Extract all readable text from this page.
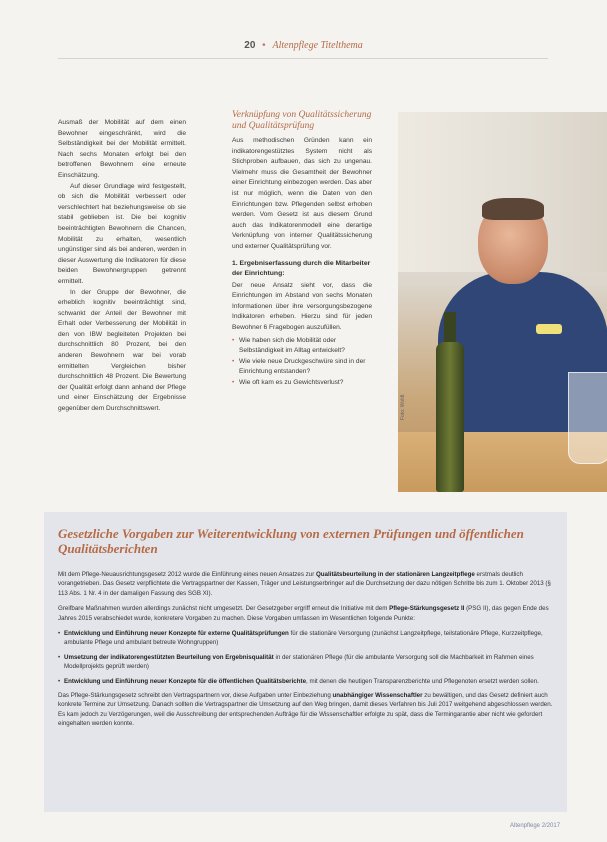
20 • Altenpflege Titelthema

Ausmaß der Mobilität auf dem einen Bewohner eingeschränkt, wird die Selbständigkeit bei der Mobilität ermittelt. Nach sechs Monaten erfolgt bei den betroffenen Bewohnern eine erneute Einschätzung.

Auf dieser Grundlage wird festgestellt, ob sich die Mobilität verbessert oder verschlechtert hat beziehungsweise ob sie stabil geblieben ist. Die bei kognitiv beeinträchtigten Bewohnern die Chancen, Mobilität zu erhalten, wesentlich ungünstiger sind als bei anderen, werden in dieser Auswertung die Indikatoren für diese beiden Bewohnergruppen getrennt ermittelt.

In der Gruppe der Bewohner, die erheblich kognitiv beeinträchtigt sind, schwankt der Anteil der Bewohner mit Erhalt oder Verbesserung der Mobilität in den von IBW begleiteten Projekten bei durchschnittlich 80 Prozent, bei den anderen Bewohnern war bei vorab ermittelten Vergleichen bisher durchschnittlich 48 Prozent. Die Bewertung der Qualität erfolgt dann anhand der Pflege und einer Einschätzung der Ergebnisse gegenüber dem Durchschnittswert.

Verknüpfung von Qualitätssicherung und Qualitätsprüfung

Aus methodischen Gründen kann ein indikatorengestütztes System nicht als Stichproben aufbauen, das sich zu ungenau. Vielmehr muss die Gesamtheit der Bewohner einer Einrichtung einbezogen werden. Das aber ist nur möglich, wenn die Daten von den Einrichtungen bzw. Pflegenden selbst erhoben werden. Vom Gesetz ist aus diesem Grund auch das Indikatorenmodell eine derartige Verknüpfung von interner Qualitätssicherung und externer Qualitätsprüfung vor.

1. Ergebniserfassung durch die Mitarbeiter der Einrichtung:

Der neue Ansatz sieht vor, dass die Einrichtungen im Abstand von sechs Monaten Informationen über ihre versorgungsbezogene Indikatoren erheben. Hierzu sind für jeden Bewohner 6 Fragebogen auszufüllen.

• Wie haben sich die Mobilität oder Selbständigkeit im Alltag entwickelt?
• Wie viele neue Druckgeschwüre sind in der Einrichtung entstanden?
• Wie oft kam es zu Gewichtsverlust?
Foto: Woldt
Gesetzliche Vorgaben zur Weiterentwicklung von externen Prüfungen und öffentlichen Qualitätsberichten

Mit dem Pflege-Neuausrichtungsgesetz 2012 wurde die Einführung eines neuen Ansatzes zur Qualitätsbeurteilung in der stationären Langzeitpflege erstmals deutlich vorangetrieben. Das Gesetz verpflichtete die Vertragspartner der Kassen, Träger und Leistungserbringer auf die Durchsetzung der dazu nötigen Schritte bis zum 1. Oktober 2013 (§ 113 Abs. 1 Nr. 4 in der damaligen Fassung des SGB XI).

Greifbare Maßnahmen wurden allerdings zunächst nicht umgesetzt. Der Gesetzgeber ergriff erneut die Initiative mit dem Pflege-Stärkungsgesetz II (PSG II), das gegen Ende des Jahres 2015 verabschiedet wurde, konkretere Vorgaben zu machen. Diese Vorgaben umfassen im Wesentlichen folgende Punkte:

• Entwicklung und Einführung neuer Konzepte für externe Qualitätsprüfungen für die stationäre Versorgung (zunächst Langzeitpflege, teilstationäre Pflege, Kurzzeitpflege, ambulante Pflege und ambulant betreute Wohngruppen)
• Umsetzung der indikatorengestützten Beurteilung von Ergebnisqualität in der stationären Pflege (für die ambulante Versorgung soll die Machbarkeit im Rahmen eines Modellprojekts geprüft werden)
• Entwicklung und Einführung neuer Konzepte für die öffentlichen Qualitätsberichte, mit denen die heutigen Transparenzberichte und Pflegenoten ersetzt werden sollen.

Das Pflege-Stärkungsgesetz schreibt den Vertragspartnern vor, diese Aufgaben unter Einbeziehung unabhängiger Wissenschaftler zu bewältigen, und das Gesetz definiert auch konkrete Termine zur Umsetzung. Danach sollten die Vertragspartner die Umsetzung auf den Weg bringen, damit dieses Verfahren bis Juli 2017 weitgehend abgeschlossen werden. Es kam jedoch zu Verzögerungen, weil die Ausschreibung der entsprechenden Aufträge für die Wissenschaftler erfolgte zu spät, dass die Termingarantie aber nicht wie gefordert eingehalten werden konnte.

Altenpflege 2/2017
